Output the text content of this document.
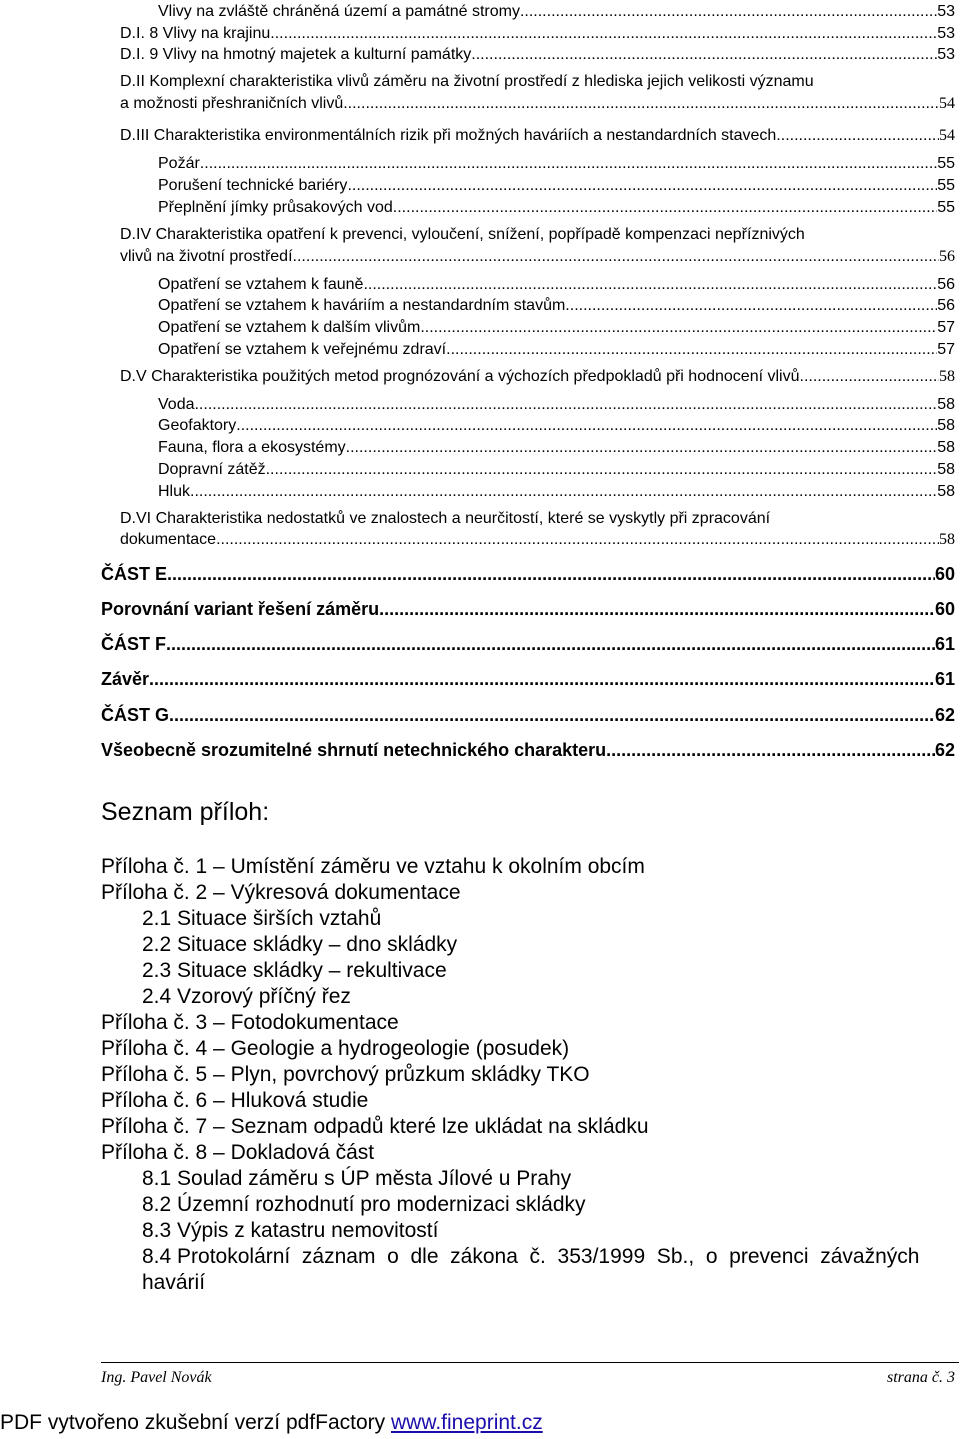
Vlivy na zvláště chráněná území a památné stromy .....	53
D.I. 8 Vlivy na krajinu .....	53
D.I. 9 Vlivy na hmotný majetek a kulturní památky .....	53
D.II Komplexní charakteristika vlivů záměru na životní prostředí z hlediska jejich velikosti významu
a možnosti přeshraničních vlivů .....	54
D.III Charakteristika environmentálních rizik při možných haváriích a nestandardních stavech .....	54
Požár .....	55
Porušení technické bariéry .....	55
Přeplnění jímky průsakových vod .....	55
D.IV Charakteristika opatření k prevenci, vyloučení, snížení, popřípadě kompenzaci nepříznivých
vlivů na životní prostředí .....	56
Opatření se vztahem k fauně .....	56
Opatření se vztahem k haváriím a nestandardním stavům .....	56
Opatření se vztahem k dalším vlivům .....	57
Opatření se vztahem k veřejnému zdraví .....	57
D.V Charakteristika použitých metod prognózování a výchozích předpokladů při hodnocení vlivů. .....	58
Voda .....	58
Geofaktory .....	58
Fauna, flora a ekosystémy .....	58
Dopravní zátěž .....	58
Hluk .....	58
D.VI Charakteristika nedostatků ve znalostech a neurčitostí, které se vyskytly při zpracování
dokumentace .....	58
ČÁST E .....	60
Porovnání variant řešení záměru .....	60
ČÁST F .....	61
Závěr .....	61
ČÁST G .....	62
Všeobecně srozumitelné shrnutí netechnického charakteru .....	62
Seznam příloh:
Příloha č. 1 – Umístění záměru ve vztahu k okolním obcím
Příloha č. 2 – Výkresová dokumentace
2.1 Situace širších vztahů
2.2 Situace skládky – dno skládky
2.3 Situace skládky – rekultivace
2.4 Vzorový příčný řez
Příloha č. 3 – Fotodokumentace
Příloha č. 4 – Geologie a hydrogeologie (posudek)
Příloha č. 5 – Plyn, povrchový průzkum skládky TKO
Příloha č. 6 – Hluková studie
Příloha č. 7 – Seznam odpadů které lze ukládat na skládku
Příloha č. 8 – Dokladová část
8.1 Soulad záměru s ÚP města Jílové u Prahy
8.2 Územní rozhodnutí pro modernizaci skládky
8.3 Výpis z katastru nemovitostí
8.4 Protokolární  záznam  o  dle  zákona  č.  353/1999  Sb.,  o  prevenci  závažných
havárií
Ing. Pavel Novák	strana č. 3
PDF vytvořeno zkušební verzí pdfFactory www.fineprint.cz
